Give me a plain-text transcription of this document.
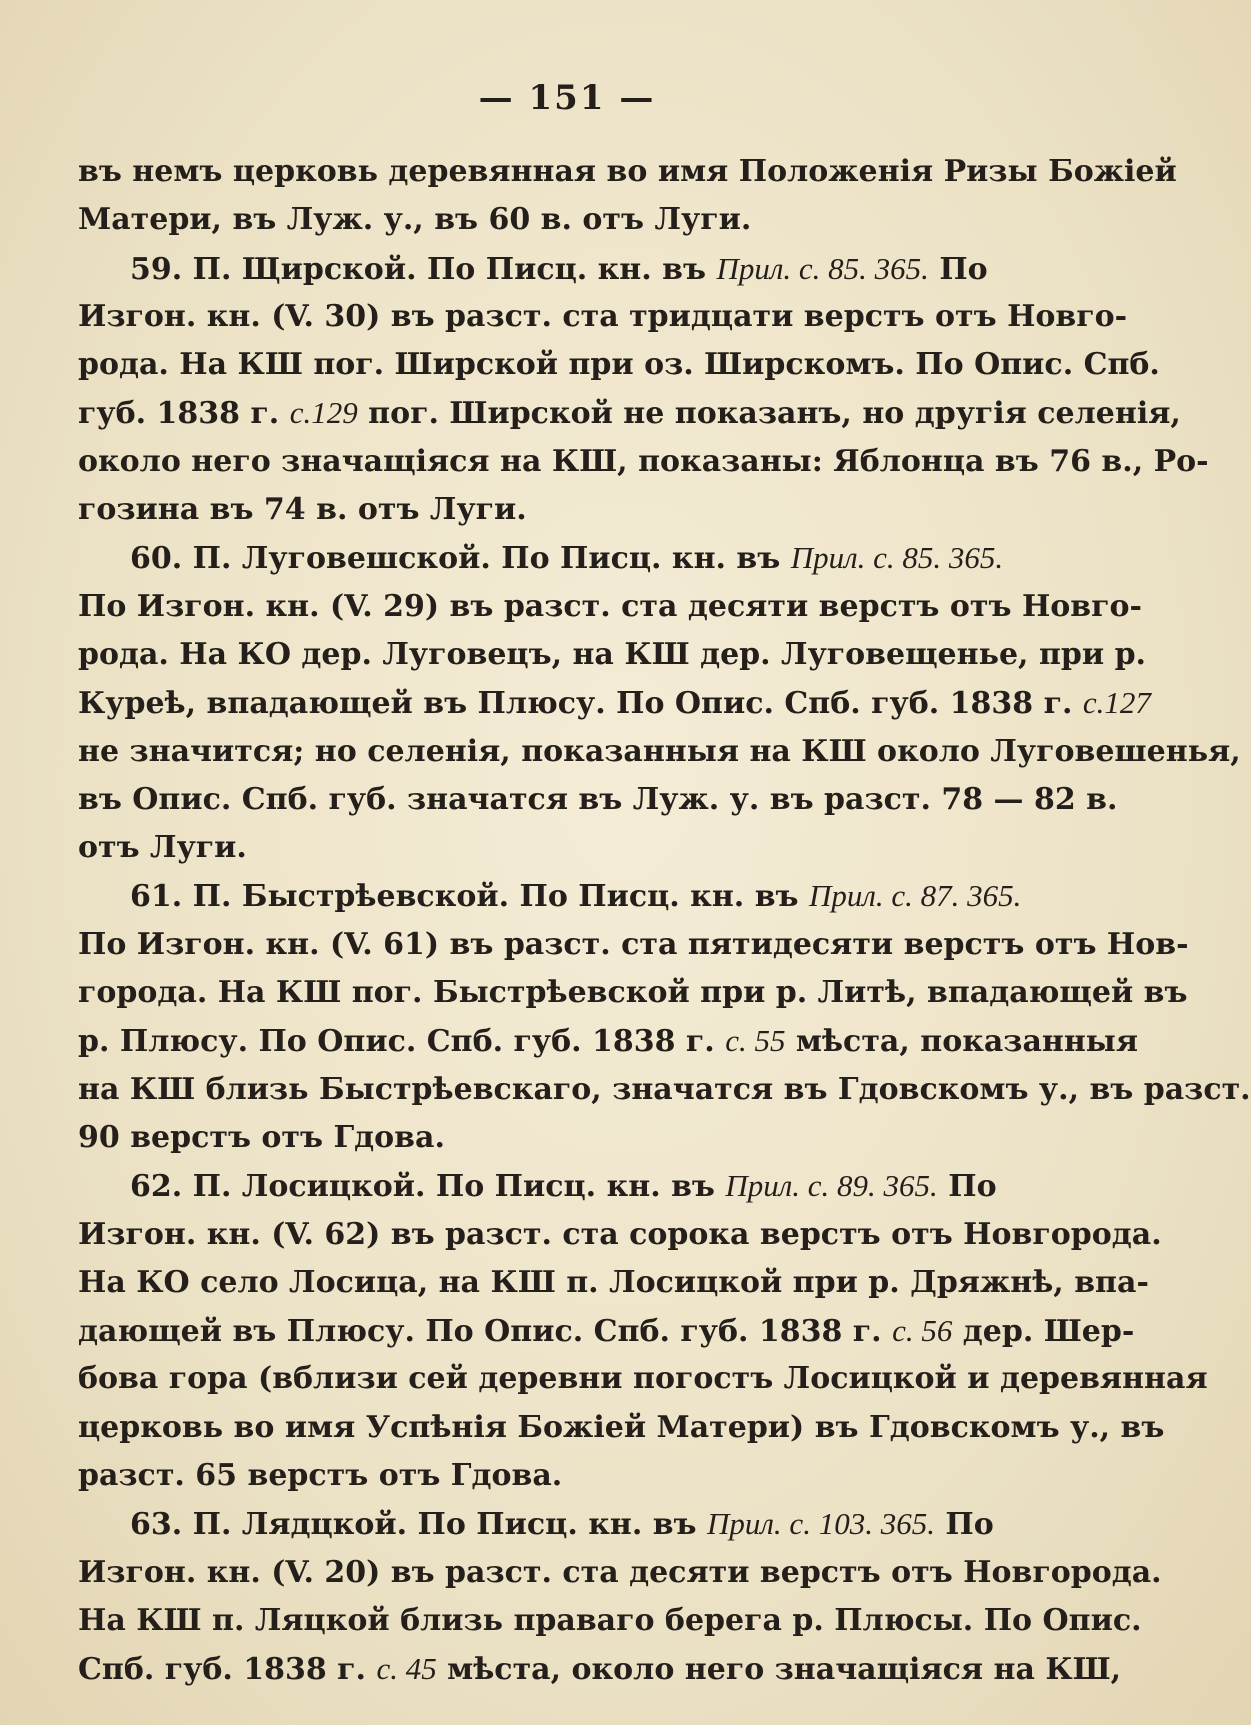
— 151 —
въ немъ церковь деревянная во имя Положенія Ризы Божіей
Матери, въ Луж. у., въ 60 в. отъ Луги.
59. П. Щирской. По Писц. кн. въ Прил. с. 85. 365. По
Изгон. кн. (V. 30) въ разст. ста тридцати верстъ отъ Новго-
рода. На КШ пог. Ширской при оз. Ширскомъ. По Опис. Спб.
губ. 1838 г. с.129 пог. Ширской не показанъ, но другія селенія,
около него значащіяся на КШ, показаны: Яблонца въ 76 в., Ро-
гозина въ 74 в. отъ Луги.
60. П. Луговешской. По Писц. кн. въ Прил. с. 85. 365.
По Изгон. кн. (V. 29) въ разст. ста десяти верстъ отъ Новго-
рода. На КО дер. Луговецъ, на КШ дер. Луговещенье, при р.
Куреѣ, впадающей въ Плюсу. По Опис. Спб. губ. 1838 г. с.127
не значится; но селенія, показанныя на КШ около Луговешенья,
въ Опис. Спб. губ. значатся въ Луж. у. въ разст. 78 — 82 в.
отъ Луги.
61. П. Быстрѣевской. По Писц. кн. въ Прил. с. 87. 365.
По Изгон. кн. (V. 61) въ разст. ста пятидесяти верстъ отъ Нов-
города. На КШ пог. Быстрѣевской при р. Литѣ, впадающей въ
р. Плюсу. По Опис. Спб. губ. 1838 г. с. 55 мѣста, показанныя
на КШ близь Быстрѣевскаго, значатся въ Гдовскомъ у., въ разст.
90 верстъ отъ Гдова.
62. П. Лосицкой. По Писц. кн. въ Прил. с. 89. 365. По
Изгон. кн. (V. 62) въ разст. ста сорока верстъ отъ Новгорода.
На КО село Лосица, на КШ п. Лосицкой при р. Дряжнѣ, впа-
дающей въ Плюсу. По Опис. Спб. губ. 1838 г. с. 56 дер. Шер-
бова гора (вблизи сей деревни погостъ Лосицкой и деревянная
церковь во имя Успѣнія Божіей Матери) въ Гдовскомъ у., въ
разст. 65 верстъ отъ Гдова.
63. П. Лядцкой. По Писц. кн. въ Прил. с. 103. 365. По
Изгон. кн. (V. 20) въ разст. ста десяти верстъ отъ Новгорода.
На КШ п. Ляцкой близь праваго берега р. Плюсы. По Опис.
Спб. губ. 1838 г. с. 45 мѣста, около него значащіяся на КШ,
